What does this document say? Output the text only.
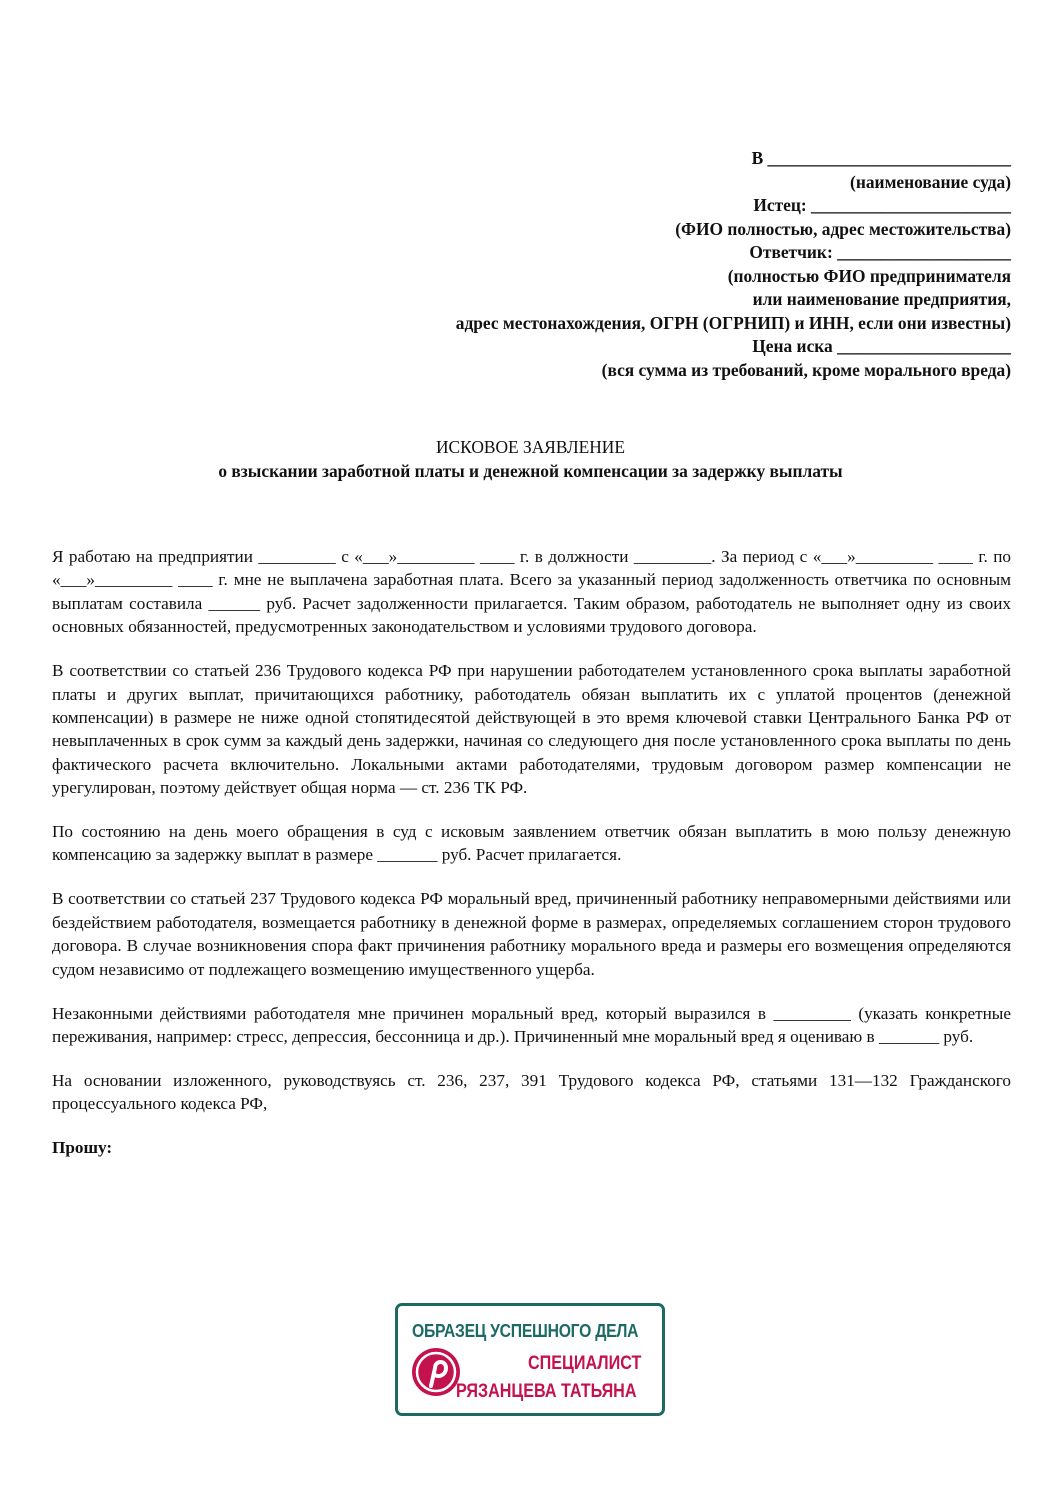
В ____________________________
(наименование суда)
Истец: _______________________
(ФИО полностью, адрес местожительства)
Ответчик: ____________________
(полностью ФИО предпринимателя
или наименование предприятия,
адрес местонахождения, ОГРН (ОГРНИП) и ИНН, если они известны)
Цена иска ____________________
(вся сумма из требований, кроме морального вреда)
ИСКОВОЕ ЗАЯВЛЕНИЕ
о взыскании заработной платы и денежной компенсации за задержку выплаты

Я работаю на предприятии _________ с «___»_________ ____ г. в должности _________. За период с «___»_________ ____ г. по «___»_________ ____ г. мне не выплачена заработная плата. Всего за указанный период задолженность ответчика по основным выплатам составила ______ руб. Расчет задолженности прилагается. Таким образом, работодатель не выполняет одну из своих основных обязанностей, предусмотренных законодательством и условиями трудового договора.

В соответствии со статьей 236 Трудового кодекса РФ при нарушении работодателем установленного срока выплаты заработной платы и других выплат, причитающихся работнику, работодатель обязан выплатить их с уплатой процентов (денежной компенсации) в размере не ниже одной стопятидесятой действующей в это время ключевой ставки Центрального Банка РФ от невыплаченных в срок сумм за каждый день задержки, начиная со следующего дня после установленного срока выплаты по день фактического расчета включительно. Локальными актами работодателями, трудовым договором размер компенсации не урегулирован, поэтому действует общая норма — ст. 236 ТК РФ.

По состоянию на день моего обращения в суд с исковым заявлением ответчик обязан выплатить в мою пользу денежную компенсацию за задержку выплат в размере _______ руб. Расчет прилагается.

В соответствии со статьей 237 Трудового кодекса РФ моральный вред, причиненный работнику неправомерными действиями или бездействием работодателя, возмещается работнику в денежной форме в размерах, определяемых соглашением сторон трудового договора. В случае возникновения спора факт причинения работнику морального вреда и размеры его возмещения определяются судом независимо от подлежащего возмещению имущественного ущерба.

Незаконными действиями работодателя мне причинен моральный вред, который выразился в _________ (указать конкретные переживания, например: стресс, депрессия, бессонница и др.). Причиненный мне моральный вред я оцениваю в _______ руб.

На основании изложенного, руководствуясь ст. 236, 237, 391 Трудового кодекса РФ, статьями 131—132 Гражданского процессуального кодекса РФ,

Прошу:

ОБРАЗЕЦ УСПЕШНОГО ДЕЛА
СПЕЦИАЛИСТ
РЯЗАНЦЕВА ТАТЬЯНА
